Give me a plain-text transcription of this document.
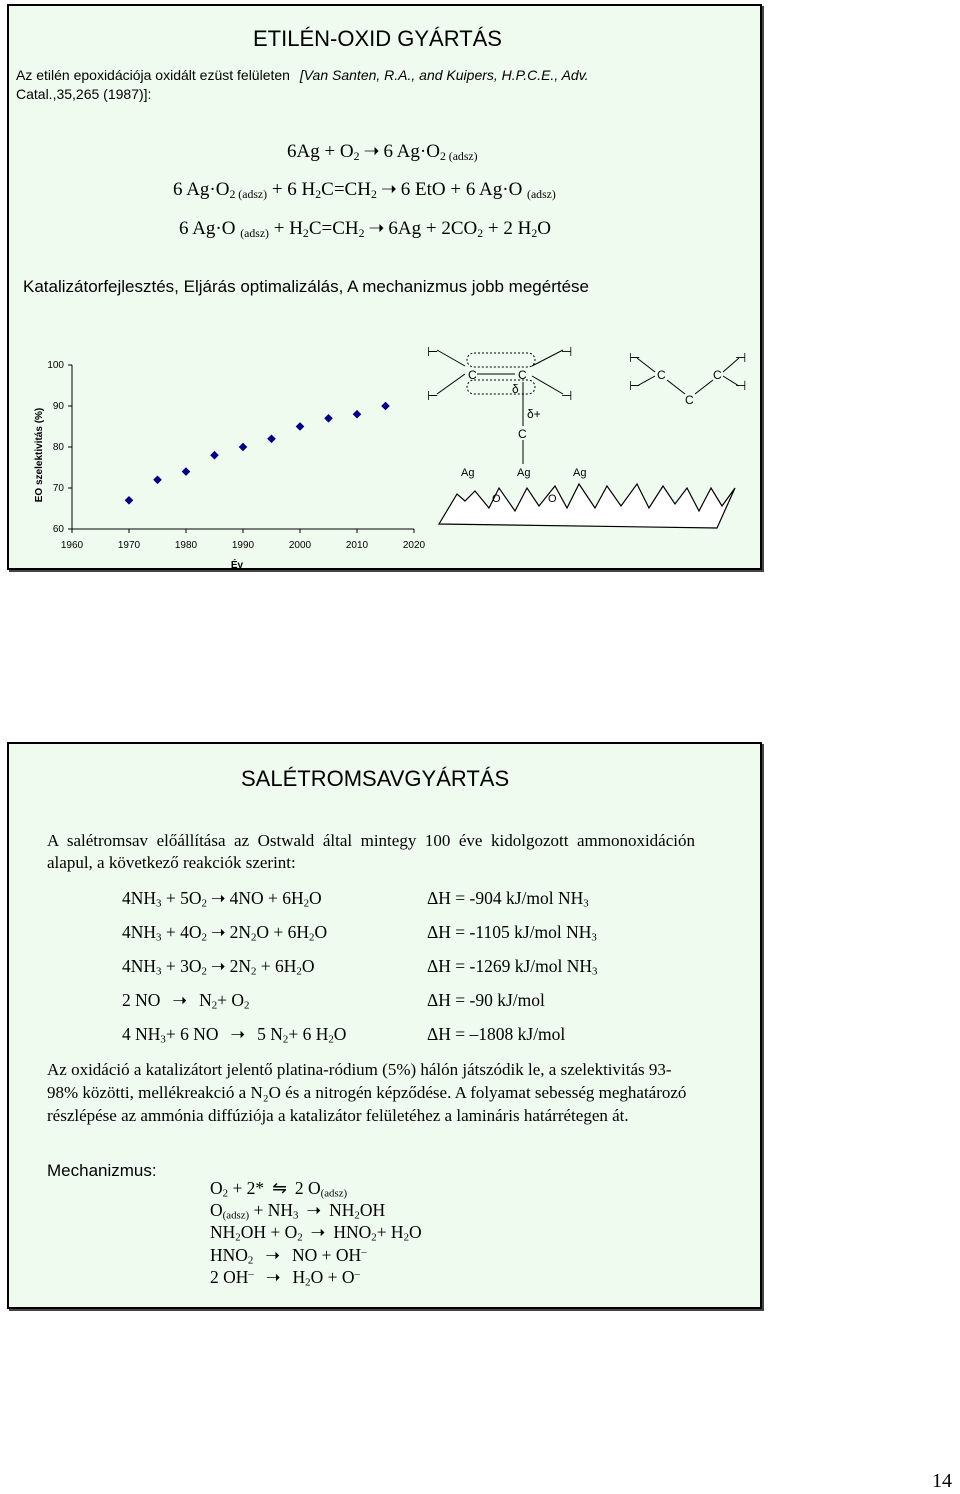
ETILÉN-OXID GYÁRTÁS
Az etilén epoxidációja oxidált ezüst felületen [Van Santen, R.A., and Kuipers, H.P.C.E., Adv.
Catal.,35,265 (1987)]:
$6Ag + O_2$ ➝ 6 $Ag\cdot O_{2 (adsz)}$
6 $Ag\cdot O_{2 (adsz)} + 6$ $H_2C=CH_2$ ➝ 6 EtO + 6 Ag·O $_{(adsz)}$
6 Ag·O $_{(adsz)} + H_2C=CH_2$ ➝ $6Ag + 2CO_2 + 2$ $H_2O$
Katalizátorfejlesztés, Eljárás optimalizálás, A mechanizmus jobb megértése
60
70
80
90
100
1960	1970	1980	1990	2000	2010	2020
Év
EO szelektivitás (%)
⊢
⊢
⊣
⊣
⊢
⊢
⊣
⊣
C	C
C
C
C
C
δ
δ+
Ag	Ag	Ag
O	O
SALÉTROMSAVGYÁRTÁS
A salétromsav előállítása az Ostwald által mintegy 100 éve kidolgozott ammonoxidáción alapul, a következő reakciók szerint:
$4NH_3 + 5O_2$ ➝ $4NO + 6H_2O$	ΔH = -904 kJ/mol $NH_3$
$4NH_3 + 4O_2$ ➝ $2N_2O + 6H_2O$	ΔH = -1105 kJ/mol $NH_3$
$4NH_3 + 3O_2$ ➝ $2N_2 + 6H_2O$	ΔH = -1269 kJ/mol $NH_3$
2 NO ➝ $N_2+ O_2$	ΔH = -90 kJ/mol
4 $NH_3+ 6$ NO ➝ 5 $N_2+ 6$ $H_2O$	ΔH = –1808 kJ/mol
Az oxidáció a katalizátort jelentő platina-ródium (5%) hálón játszódik le, a szelektivitás 93-98% közötti, mellékreakció a N₂O és a nitrogén képződése. A folyamat sebesség meghatározó részlépése az ammónia diffúziója a katalizátor felületéhez a lamináris határrétegen át.
Mechanizmus:
$O_2 + 2*$ ⇋ 2 $O_{(adsz)}$
$O_{(adsz)} + NH_3$ ➝ $NH_2OH$
$NH_2OH + O_2$ ➝ $HNO_2+ H_2O$
$HNO_2$ ➝ NO + OH–
2 OH– ➝ $H_2O + O^-$
14
